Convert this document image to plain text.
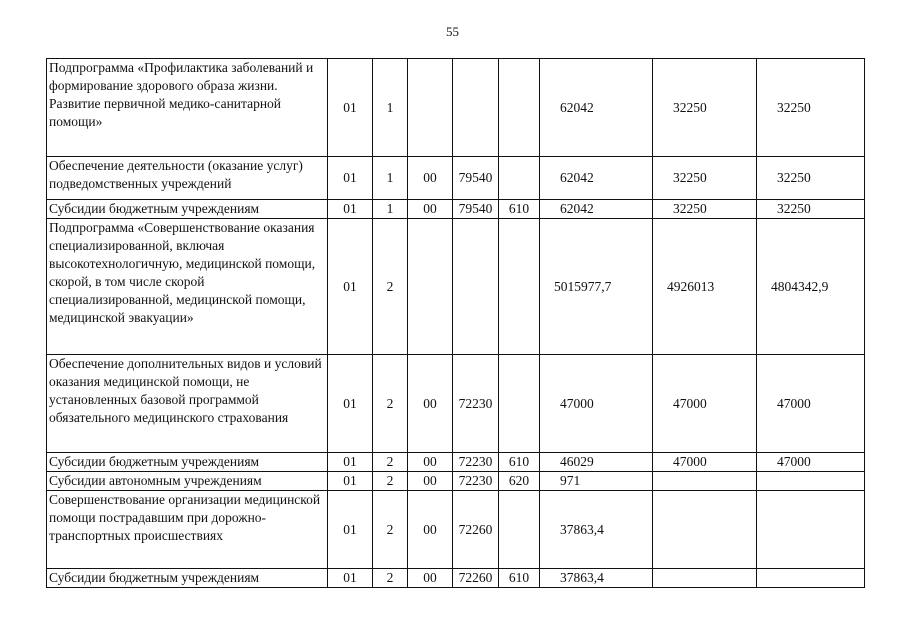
55
Подпрограмма «Профилактика заболеваний и формирование здорового образа жизни. Развитие первичной медико-санитарной помощи»	01	1				62042	32250	32250
Обеспечение деятельности (оказание услуг) подведомственных учреждений	01	1	00	79540		62042	32250	32250
Субсидии бюджетным учреждениям	01	1	00	79540	610	62042	32250	32250
Подпрограмма «Совершенствование оказания специализированной, включая высокотехнологичную, медицинской помощи, скорой, в том числе скорой специализированной, медицинской помощи, медицинской эвакуации»	01	2				5015977,7	4926013	4804342,9
Обеспечение дополнительных видов и условий оказания медицинской помощи, не установленных базовой программой обязательного медицинского страхования	01	2	00	72230		47000	47000	47000
Субсидии бюджетным учреждениям	01	2	00	72230	610	46029	47000	47000
Субсидии автономным учреждениям	01	2	00	72230	620	971		
Совершенствование организации медицинской помощи пострадавшим при дорожно-транспортных происшествиях	01	2	00	72260		37863,4		
Субсидии бюджетным учреждениям	01	2	00	72260	610	37863,4		
